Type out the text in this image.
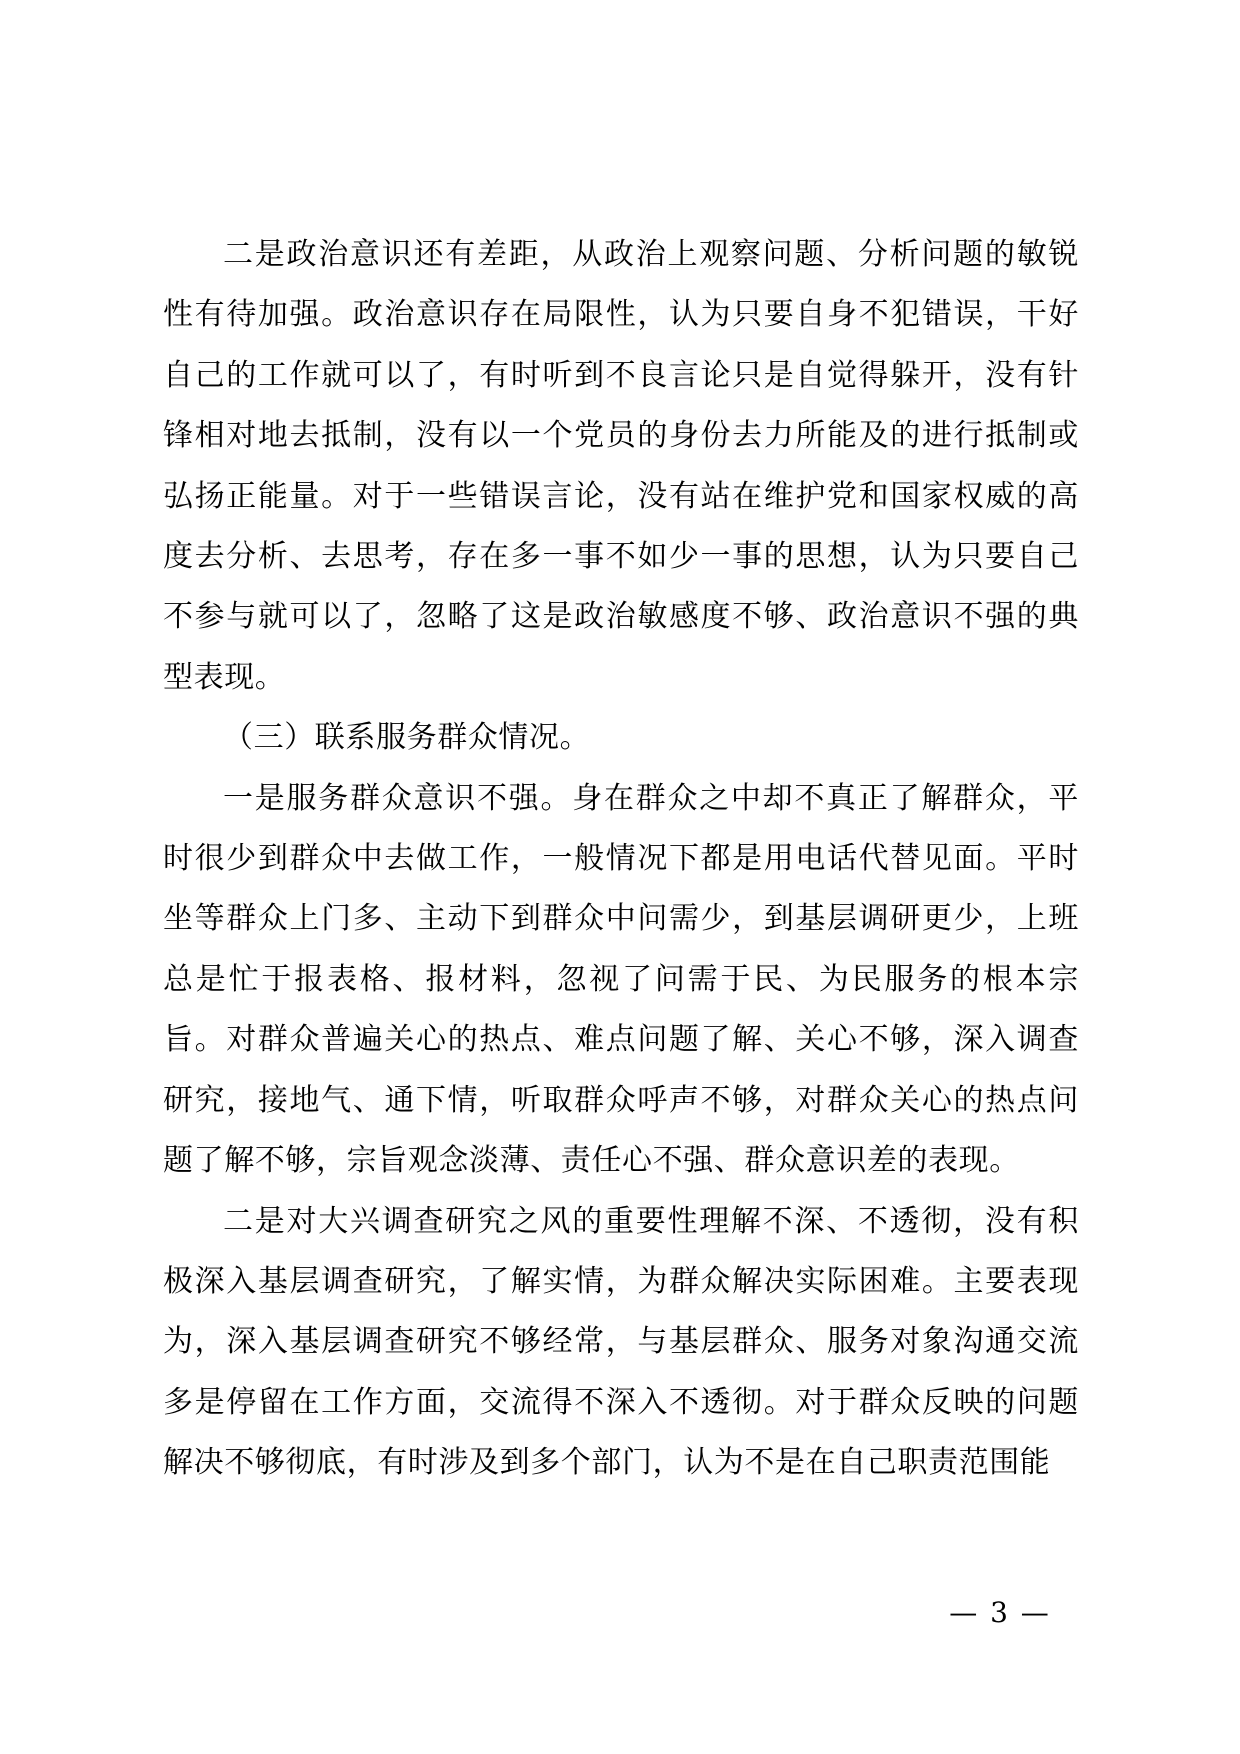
二是政治意识还有差距，从政治上观察问题、分析问题的敏锐性有待加强。政治意识存在局限性，认为只要自身不犯错误，干好自己的工作就可以了，有时听到不良言论只是自觉得躲开，没有针锋相对地去抵制，没有以一个党员的身份去力所能及的进行抵制或弘扬正能量。对于一些错误言论，没有站在维护党和国家权威的高度去分析、去思考，存在多一事不如少一事的思想，认为只要自己不参与就可以了，忽略了这是政治敏感度不够、政治意识不强的典型表现。

（三）联系服务群众情况。

一是服务群众意识不强。身在群众之中却不真正了解群众，平时很少到群众中去做工作，一般情况下都是用电话代替见面。平时坐等群众上门多、主动下到群众中问需少，到基层调研更少，上班总是忙于报表格、报材料，忽视了问需于民、为民服务的根本宗旨。对群众普遍关心的热点、难点问题了解、关心不够，深入调查研究，接地气、通下情，听取群众呼声不够，对群众关心的热点问题了解不够，宗旨观念淡薄、责任心不强、群众意识差的表现。

二是对大兴调查研究之风的重要性理解不深、不透彻，没有积极深入基层调查研究，了解实情，为群众解决实际困难。主要表现为，深入基层调查研究不够经常，与基层群众、服务对象沟通交流多是停留在工作方面，交流得不深入不透彻。对于群众反映的问题解决不够彻底，有时涉及到多个部门，认为不是在自己职责范围能

— 3 —
